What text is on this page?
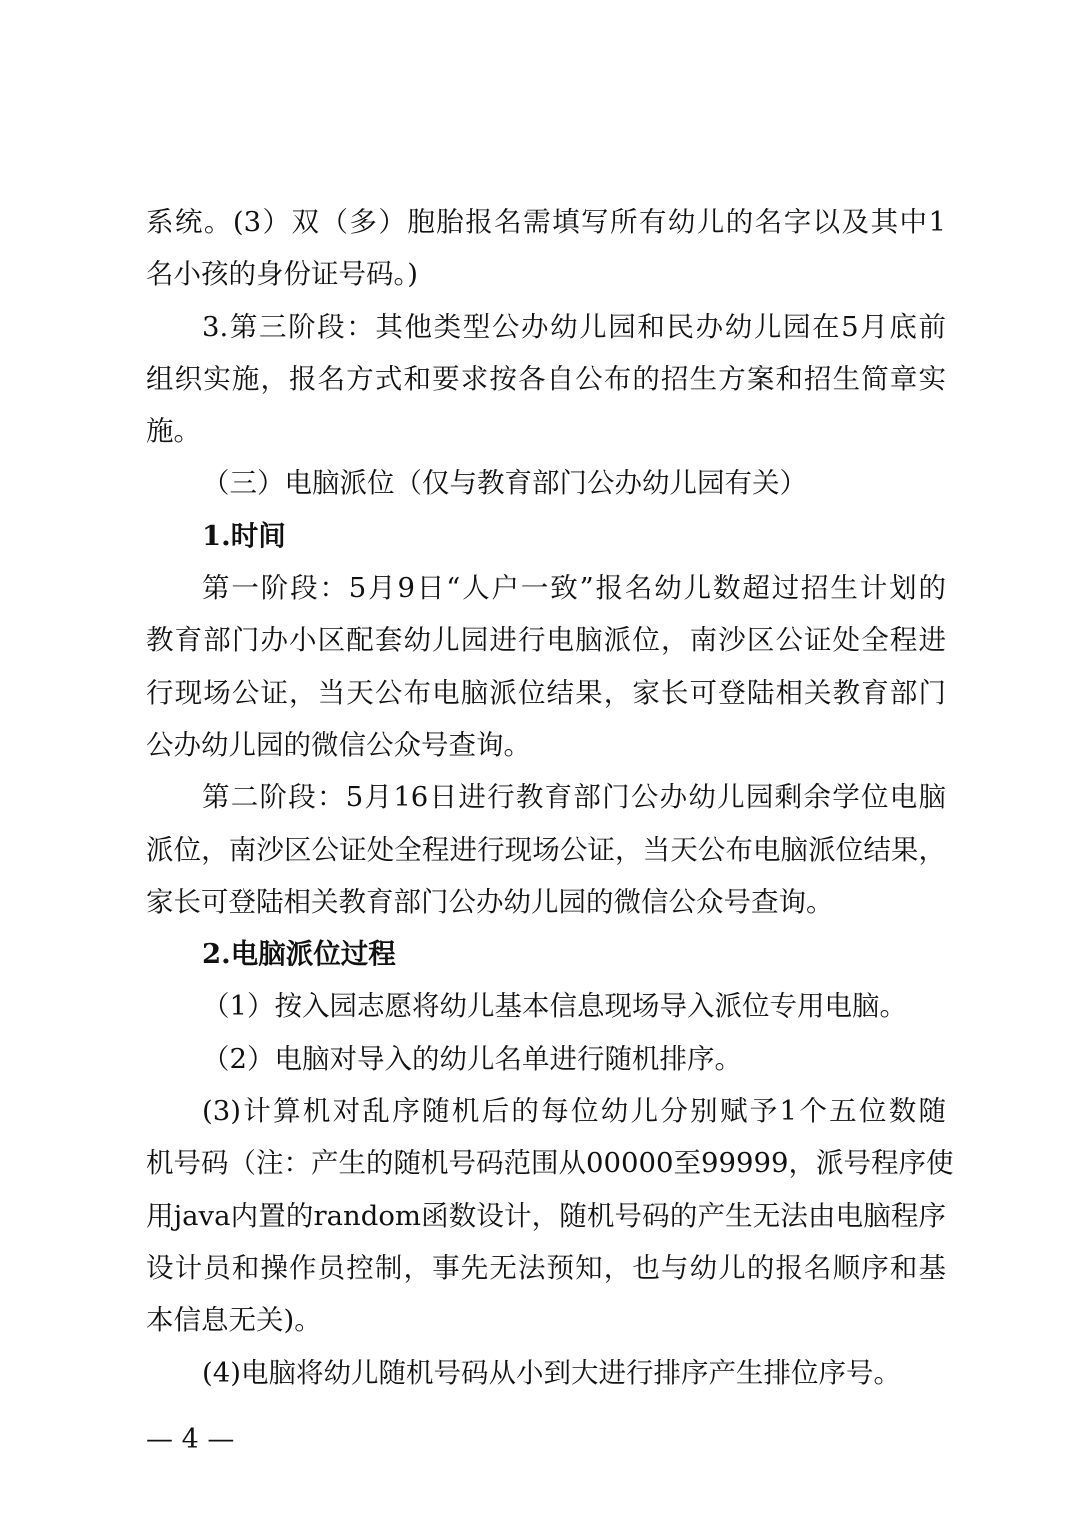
系统。(3）双（多）胞胎报名需填写所有幼儿的名字以及其中1
名小孩的身份证号码。)
3.第三阶段：其他类型公办幼儿园和民办幼儿园在5月底前
组织实施，报名方式和要求按各自公布的招生方案和招生简章实
施。
（三）电脑派位（仅与教育部门公办幼儿园有关）
1.时间
第一阶段：5月9日“人户一致”报名幼儿数超过招生计划的
教育部门办小区配套幼儿园进行电脑派位，南沙区公证处全程进
行现场公证，当天公布电脑派位结果，家长可登陆相关教育部门
公办幼儿园的微信公众号查询。
第二阶段：5月16日进行教育部门公办幼儿园剩余学位电脑
派位，南沙区公证处全程进行现场公证，当天公布电脑派位结果，
家长可登陆相关教育部门公办幼儿园的微信公众号查询。
2.电脑派位过程
（1）按入园志愿将幼儿基本信息现场导入派位专用电脑。
（2）电脑对导入的幼儿名单进行随机排序。
(3)计算机对乱序随机后的每位幼儿分别赋予1个五位数随
机号码（注：产生的随机号码范围从00000至99999，派号程序使
用java内置的random函数设计，随机号码的产生无法由电脑程序
设计员和操作员控制，事先无法预知，也与幼儿的报名顺序和基
本信息无关)。
(4)电脑将幼儿随机号码从小到大进行排序产生排位序号。
— 4 —
